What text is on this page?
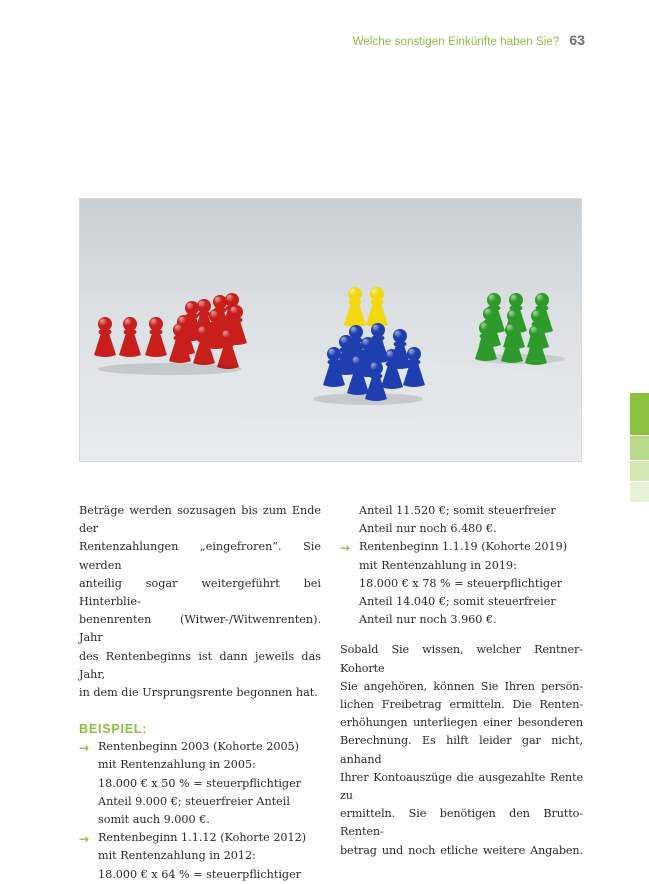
Welche sonstigen Einkünfte haben Sie? 63
Beträge werden sozusagen bis zum Ende der
Rentenzahlungen „eingefroren“. Sie werden
anteilig sogar weitergeführt bei Hinterblie-
benenrenten (Witwer-/Witwenrenten). Jahr
des Rentenbeginns ist dann jeweils das Jahr,
in dem die Ursprungsrente begonnen hat.
BEISPIEL:
→ Rentenbeginn 2003 (Kohorte 2005)
mit Rentenzahlung in 2005:
18.000 € x 50 % = steuerpflichtiger
Anteil 9.000 €; steuerfreier Anteil
somit auch 9.000 €.
→ Rentenbeginn 1.1.12 (Kohorte 2012)
mit Rentenzahlung in 2012:
18.000 € x 64 % = steuerpflichtiger
Anteil 11.520 €; somit steuerfreier
Anteil nur noch 6.480 €.
→ Rentenbeginn 1.1.19 (Kohorte 2019)
mit Rentenzahlung in 2019:
18.000 € x 78 % = steuerpflichtiger
Anteil 14.040 €; somit steuerfreier
Anteil nur noch 3.960 €.
Sobald Sie wissen, welcher Rentner-Kohorte
Sie angehören, können Sie Ihren persön-
lichen Freibetrag ermitteln. Die Renten-
erhöhungen unterliegen einer besonderen
Berechnung. Es hilft leider gar nicht, anhand
Ihrer Kontoauszüge die ausgezahlte Rente zu
ermitteln. Sie benötigen den Brutto-Renten-
betrag und noch etliche weitere Angaben.
